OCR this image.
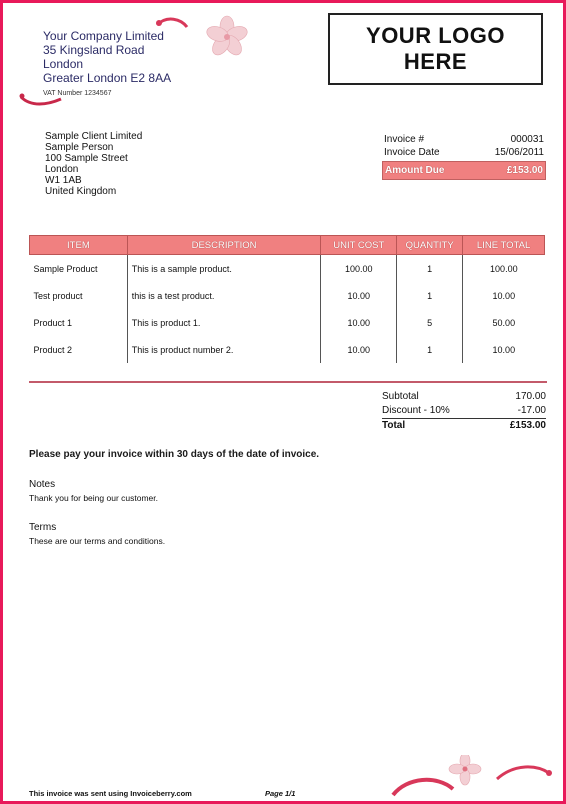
Your Company Limited
35 Kingsland Road
London
Greater London E2 8AA
VAT Number 1234567
YOUR LOGO
HERE
Sample Client Limited
Sample Person
100 Sample Street
London
W1 1AB
United Kingdom
Invoice #	000031
Invoice Date	15/06/2011
Amount Due	£153.00
ITEM	DESCRIPTION	UNIT COST	QUANTITY	LINE TOTAL
Sample Product	This is a sample product.	100.00	1	100.00
Test product	this is a test product.	10.00	1	10.00
Product 1	This is product 1.	10.00	5	50.00
Product 2	This is product number 2.	10.00	1	10.00
Subtotal	170.00
Discount - 10%	-17.00
Total	£153.00
Please pay your invoice within 30 days of the date of invoice.
Notes
Thank you for being our customer.
Terms
These are our terms and conditions.
This invoice was sent using Invoiceberry.com	Page 1/1
